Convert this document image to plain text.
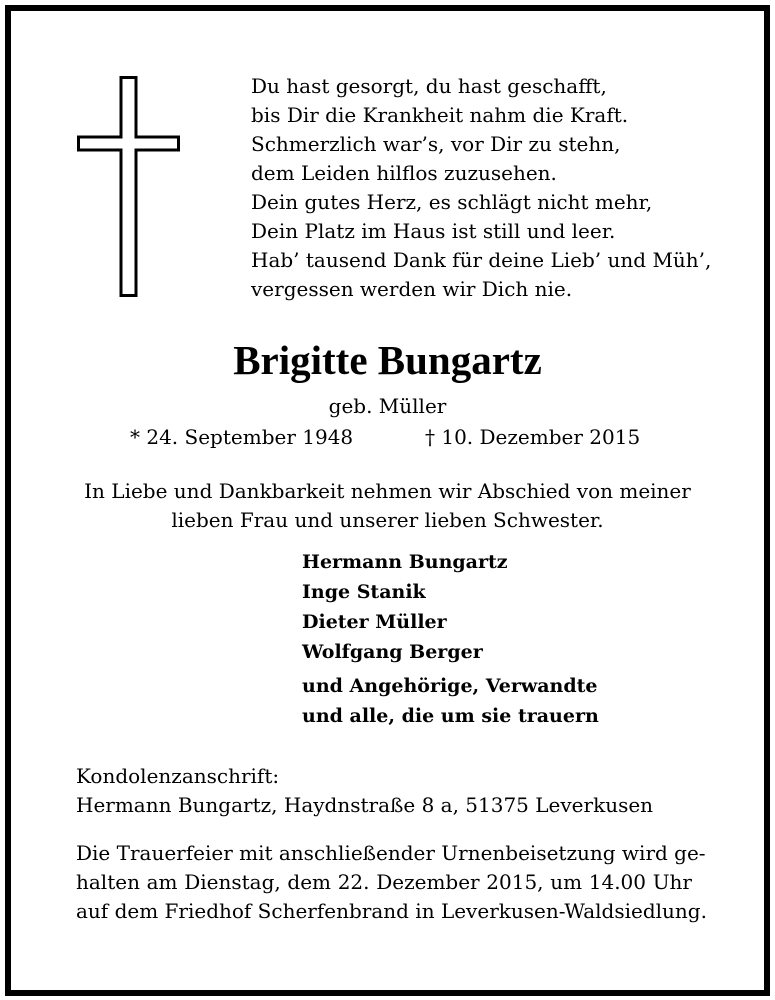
Du hast gesorgt, du hast geschafft,
bis Dir die Krankheit nahm die Kraft.
Schmerzlich war’s, vor Dir zu stehn,
dem Leiden hilflos zuzusehen.
Dein gutes Herz, es schlägt nicht mehr,
Dein Platz im Haus ist still und leer.
Hab’ tausend Dank für deine Lieb’ und Müh’,
vergessen werden wir Dich nie.
Brigitte Bungartz
geb. Müller
* 24. September 1948	† 10. Dezember 2015
In Liebe und Dankbarkeit nehmen wir Abschied von meiner
lieben Frau und unserer lieben Schwester.
Hermann Bungartz
Inge Stanik
Dieter Müller
Wolfgang Berger
und Angehörige, Verwandte
und alle, die um sie trauern
Kondolenzanschrift:
Hermann Bungartz, Haydnstraße 8 a, 51375 Leverkusen
Die Trauerfeier mit anschließender Urnenbeisetzung wird ge-
halten am Dienstag, dem 22. Dezember 2015, um 14.00 Uhr
auf dem Friedhof Scherfenbrand in Leverkusen-Waldsiedlung.
